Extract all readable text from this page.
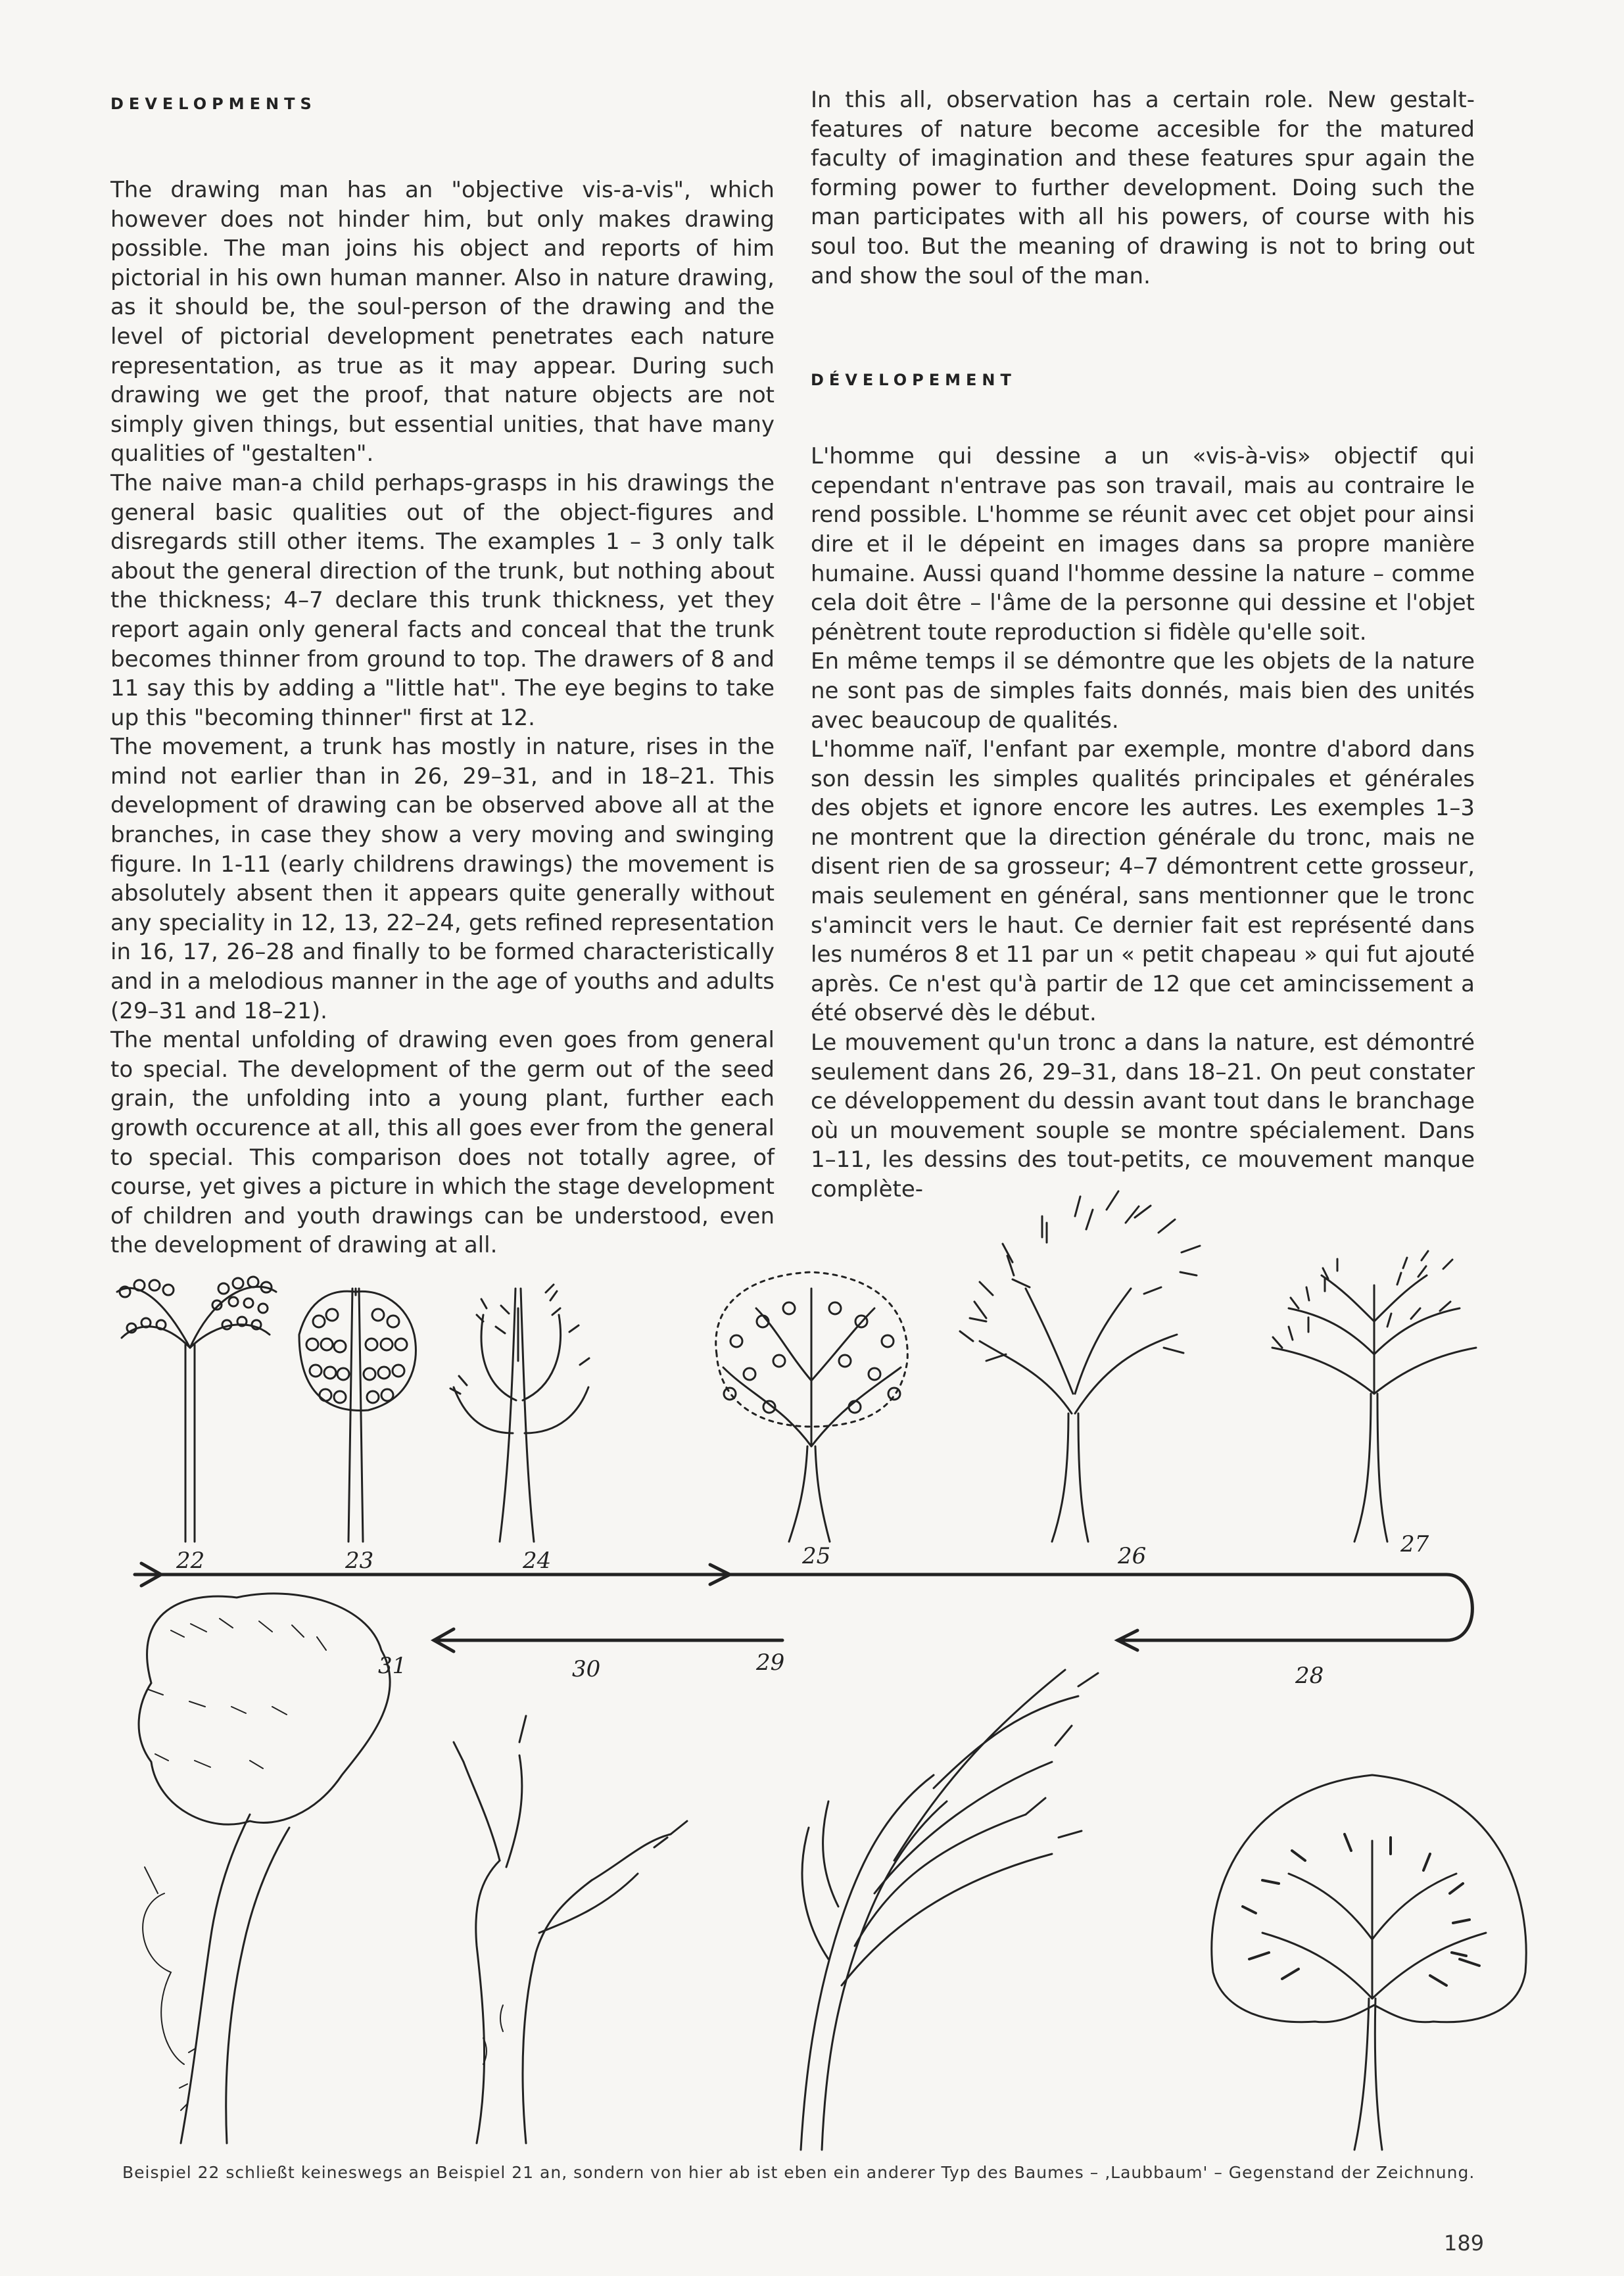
DEVELOPMENTS

The drawing man has an "objective vis-a-vis", which however does not hinder him, but only makes drawing possible. The man joins his object and reports of him pictorial in his own human manner. Also in nature drawing, as it should be, the soul-person of the drawing and the level of pictorial development penetrates each nature representation, as true as it may appear. During such drawing we get the proof, that nature objects are not simply given things, but essential unities, that have many qualities of "gestalten".

The naive man-a child perhaps-grasps in his drawings the general basic qualities out of the object-figures and disregards still other items. The examples 1 – 3 only talk about the general direction of the trunk, but nothing about the thickness; 4–7 declare this trunk thickness, yet they report again only general facts and conceal that the trunk becomes thinner from ground to top. The drawers of 8 and 11 say this by adding a "little hat". The eye begins to take up this "becoming thinner" first at 12.

The movement, a trunk has mostly in nature, rises in the mind not earlier than in 26, 29–31, and in 18–21. This development of drawing can be observed above all at the branches, in case they show a very moving and swinging figure. In 1-11 (early childrens drawings) the movement is absolutely absent then it appears quite generally without any speciality in 12, 13, 22–24, gets refined representation in 16, 17, 26–28 and finally to be formed characteristically and in a melodious manner in the age of youths and adults (29–31 and 18–21).

The mental unfolding of drawing even goes from general to special. The development of the germ out of the seed grain, the unfolding into a young plant, further each growth occurence at all, this all goes ever from the general to special. This comparison does not totally agree, of course, yet gives a picture in which the stage development of children and youth drawings can be understood, even the development of drawing at all.

In this all, observation has a certain role. New gestalt-features of nature become accesible for the matured faculty of imagination and these features spur again the forming power to further development. Doing such the man participates with all his powers, of course with his soul too. But the meaning of drawing is not to bring out and show the soul of the man.

DÉVELOPEMENT

L'homme qui dessine a un «vis-à-vis» objectif qui cependant n'entrave pas son travail, mais au contraire le rend possible. L'homme se réunit avec cet objet pour ainsi dire et il le dépeint en images dans sa propre manière humaine. Aussi quand l'homme dessine la nature – comme cela doit être – l'âme de la personne qui dessine et l'objet pénètrent toute reproduction si fidèle qu'elle soit.

En même temps il se démontre que les objets de la nature ne sont pas de simples faits donnés, mais bien des unités avec beaucoup de qualités.

L'homme naïf, l'enfant par exemple, montre d'abord dans son dessin les simples qualités principales et générales des objets et ignore encore les autres. Les exemples 1–3 ne montrent que la direction générale du tronc, mais ne disent rien de sa grosseur; 4–7 démontrent cette grosseur, mais seulement en général, sans mentionner que le tronc s'amincit vers le haut. Ce dernier fait est représenté dans les numéros 8 et 11 par un « petit chapeau » qui fut ajouté après. Ce n'est qu'à partir de 12 que cet amincissement a été observé dès le début.

Le mouvement qu'un tronc a dans la nature, est démontré seulement dans 26, 29–31, dans 18–21. On peut constater ce développement du dessin avant tout dans le branchage où un mouvement souple se montre spécialement. Dans 1–11, les dessins des tout-petits, ce mouvement manque complète-

22	23	24	25	26	27
28
29
30
31
Beispiel 22 schließt keineswegs an Beispiel 21 an, sondern von hier ab ist eben ein anderer Typ des Baumes – ‚Laubbaum' – Gegenstand der Zeichnung.
189
